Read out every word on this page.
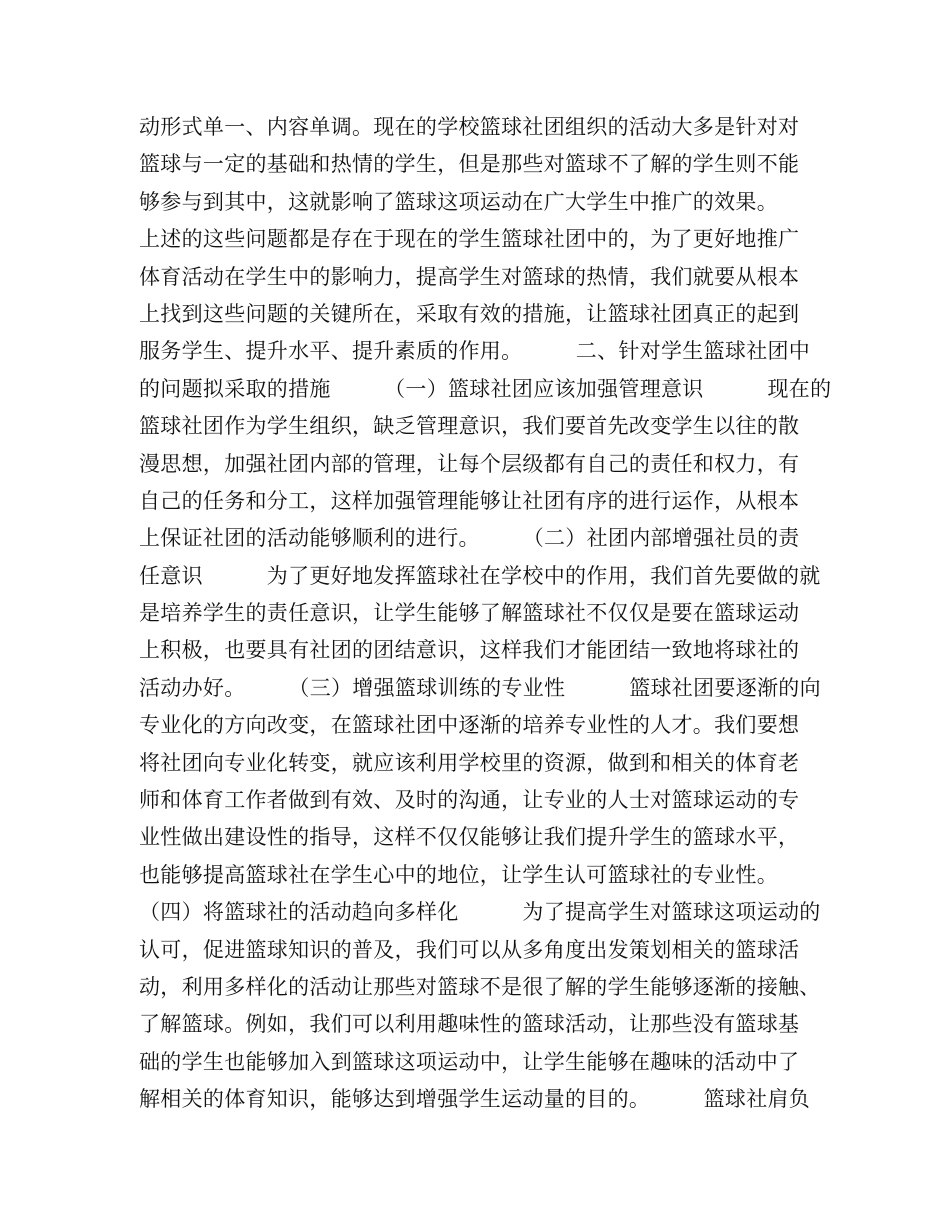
动形式单一、内容单调。现在的学校篮球社团组织的活动大多是针对对
篮球与一定的基础和热情的学生，但是那些对篮球不了解的学生则不能
够参与到其中，这就影响了篮球这项运动在广大学生中推广的效果。
上述的这些问题都是存在于现在的学生篮球社团中的，为了更好地推广
体育活动在学生中的影响力，提高学生对篮球的热情，我们就要从根本
上找到这些问题的关键所在，采取有效的措施，让篮球社团真正的起到
服务学生、提升水平、提升素质的作用。　　　二、针对学生篮球社团中
的问题拟采取的措施　　　（一）篮球社团应该加强管理意识　　　现在的
篮球社团作为学生组织，缺乏管理意识，我们要首先改变学生以往的散
漫思想，加强社团内部的管理，让每个层级都有自己的责任和权力，有
自己的任务和分工，这样加强管理能够让社团有序的进行运作，从根本
上保证社团的活动能够顺利的进行。　　　（二）社团内部增强社员的责
任意识　　　为了更好地发挥篮球社在学校中的作用，我们首先要做的就
是培养学生的责任意识，让学生能够了解篮球社不仅仅是要在篮球运动
上积极，也要具有社团的团结意识，这样我们才能团结一致地将球社的
活动办好。　　　（三）增强篮球训练的专业性　　　篮球社团要逐渐的向
专业化的方向改变，在篮球社团中逐渐的培养专业性的人才。我们要想
将社团向专业化转变，就应该利用学校里的资源，做到和相关的体育老
师和体育工作者做到有效、及时的沟通，让专业的人士对篮球运动的专
业性做出建设性的指导，这样不仅仅能够让我们提升学生的篮球水平，
也能够提高篮球社在学生心中的地位，让学生认可篮球社的专业性。
（四）将篮球社的活动趋向多样化　　　为了提高学生对篮球这项运动的
认可，促进篮球知识的普及，我们可以从多角度出发策划相关的篮球活
动，利用多样化的活动让那些对篮球不是很了解的学生能够逐渐的接触、
了解篮球。例如，我们可以利用趣味性的篮球活动，让那些没有篮球基
础的学生也能够加入到篮球这项运动中，让学生能够在趣味的活动中了
解相关的体育知识，能够达到增强学生运动量的目的。　　　篮球社肩负
